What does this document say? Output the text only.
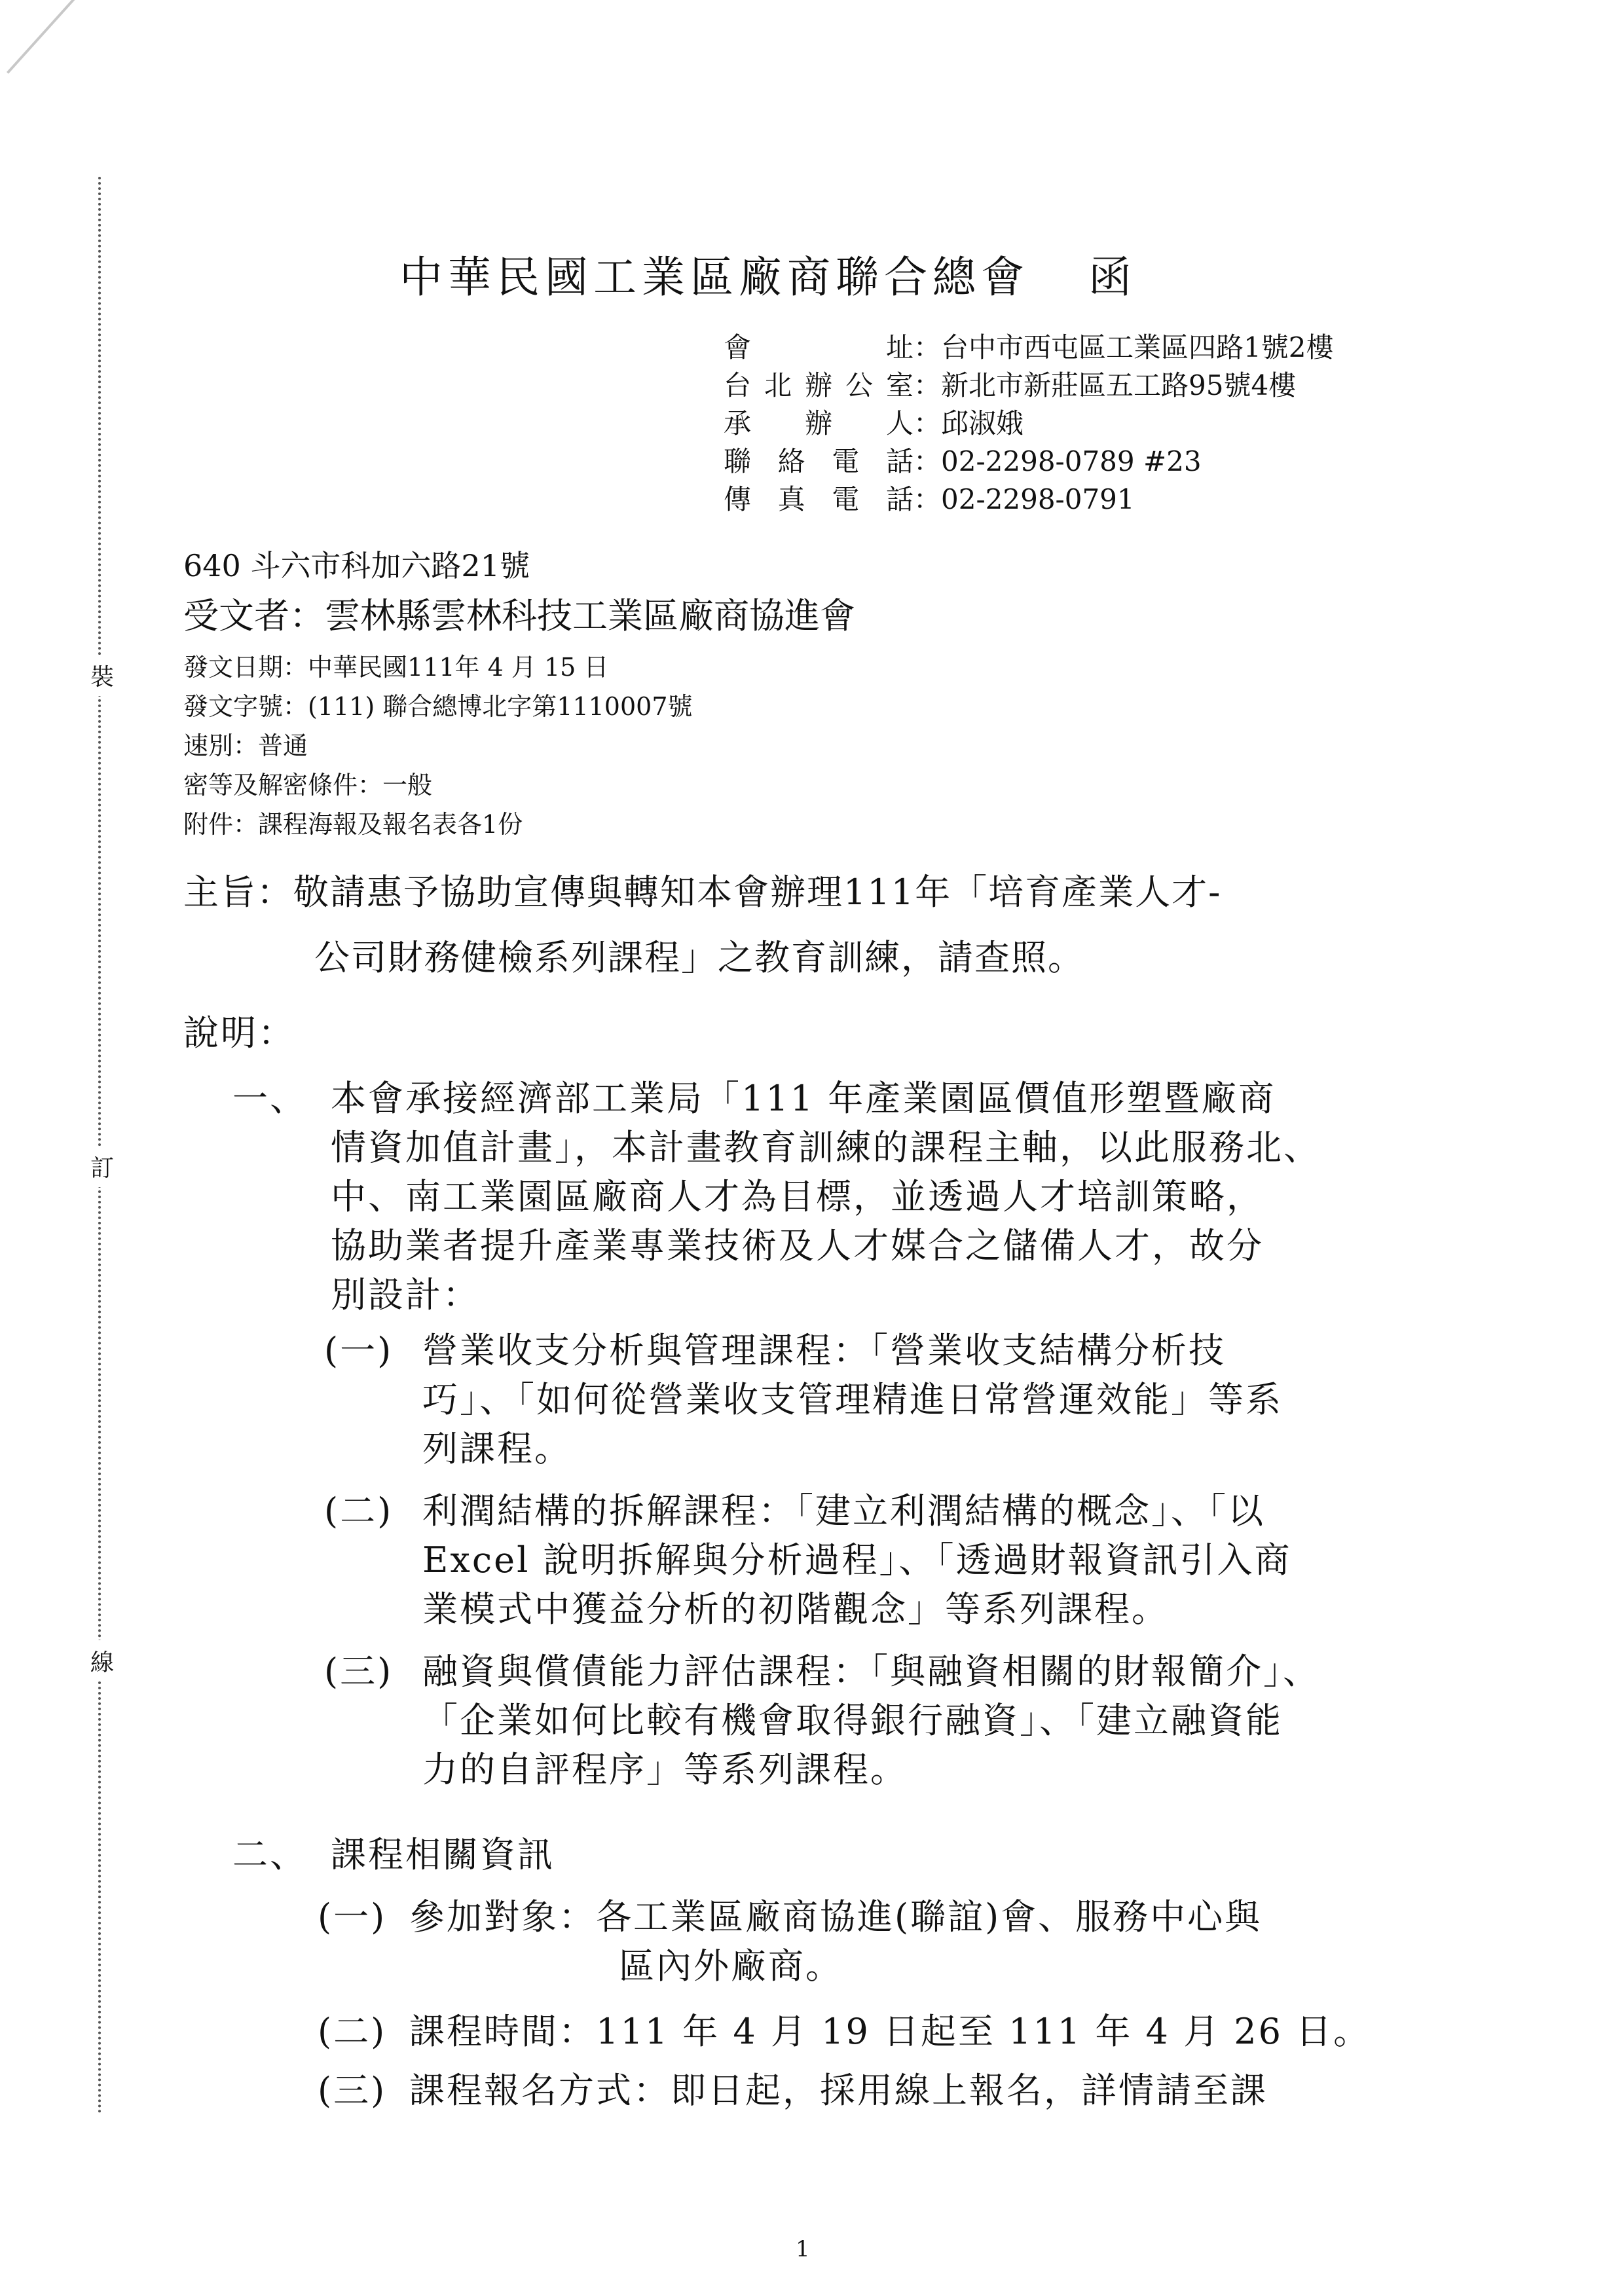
裝
訂
線
中華民國工業區廠商聯合總會 函
會址：台中市西屯區工業區四路1號2樓
台北辦公室：新北市新莊區五工路95號4樓
承辦人：邱淑娥
聯絡電話：02-2298-0789 #23
傳真電話：02-2298-0791
640 斗六市科加六路21號
受文者：雲林縣雲林科技工業區廠商協進會
發文日期：中華民國111年 4 月 15 日
發文字號：(111) 聯合總博北字第1110007號
速別：普通
密等及解密條件：一般
附件：課程海報及報名表各1份
主旨：敬請惠予協助宣傳與轉知本會辦理111年「培育產業人才-
公司財務健檢系列課程」之教育訓練，請查照。
說明：
一、 本會承接經濟部工業局「111 年產業園區價值形塑暨廠商
情資加值計畫」，本計畫教育訓練的課程主軸，以此服務北、
中、南工業園區廠商人才為目標，並透過人才培訓策略，
協助業者提升產業專業技術及人才媒合之儲備人才，故分
別設計：
(一) 營業收支分析與管理課程：「營業收支結構分析技
巧」、「如何從營業收支管理精進日常營運效能」等系
列課程。
(二) 利潤結構的拆解課程：「建立利潤結構的概念」、「以
Excel 說明拆解與分析過程」、「透過財報資訊引入商
業模式中獲益分析的初階觀念」等系列課程。
(三) 融資與償債能力評估課程：「與融資相關的財報簡介」、
「企業如何比較有機會取得銀行融資」、「建立融資能
力的自評程序」等系列課程。
二、 課程相關資訊
(一) 參加對象：各工業區廠商協進(聯誼)會、服務中心與
區內外廠商。
(二) 課程時間：111 年 4 月 19 日起至 111 年 4 月 26 日。
(三) 課程報名方式：即日起，採用線上報名，詳情請至課
1
